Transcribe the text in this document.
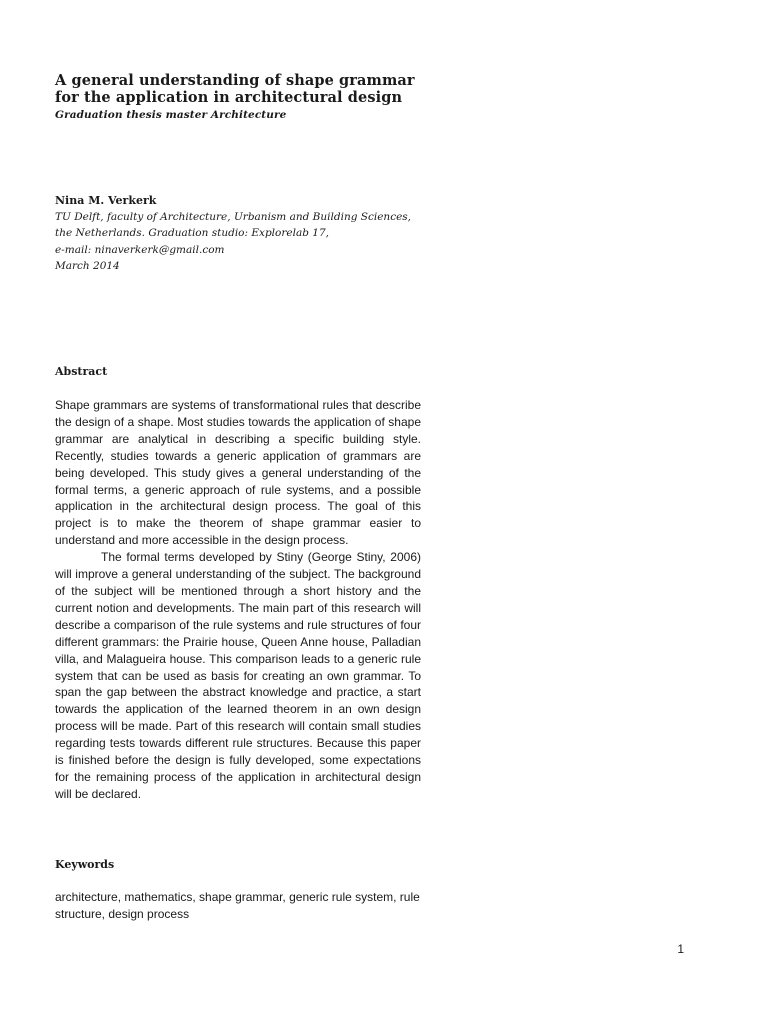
A general understanding of shape grammar
for the application in architectural design
Graduation thesis master Architecture
Nina M. Verkerk
TU Delft, faculty of Architecture, Urbanism and Building Sciences,
the Netherlands. Graduation studio: Explorelab 17,
e-mail: ninaverkerk@gmail.com
March 2014
Abstract

Shape grammars are systems of transformational rules that describe the design of a shape. Most studies towards the application of shape grammar are analytical in describing a specific building style. Recently, studies towards a generic application of grammars are being developed. This study gives a general understanding of the formal terms, a generic approach of rule systems, and a possible application in the architectural design process. The goal of this project is to make the theorem of shape grammar easier to understand and more accessible in the design process.

The formal terms developed by Stiny (George Stiny, 2006) will improve a general understanding of the subject. The background of the subject will be mentioned through a short history and the current notion and developments. The main part of this research will describe a comparison of the rule systems and rule structures of four different grammars: the Prairie house, Queen Anne house, Palladian villa, and Malagueira house. This comparison leads to a generic rule system that can be used as basis for creating an own grammar. To span the gap between the abstract knowledge and practice, a start towards the application of the learned theorem in an own design process will be made. Part of this research will contain small studies regarding tests towards different rule structures. Because this paper is finished before the design is fully developed, some expectations for the remaining process of the application in architectural design will be declared.

Keywords
architecture, mathematics, shape grammar, generic rule system, rule structure, design process
1
